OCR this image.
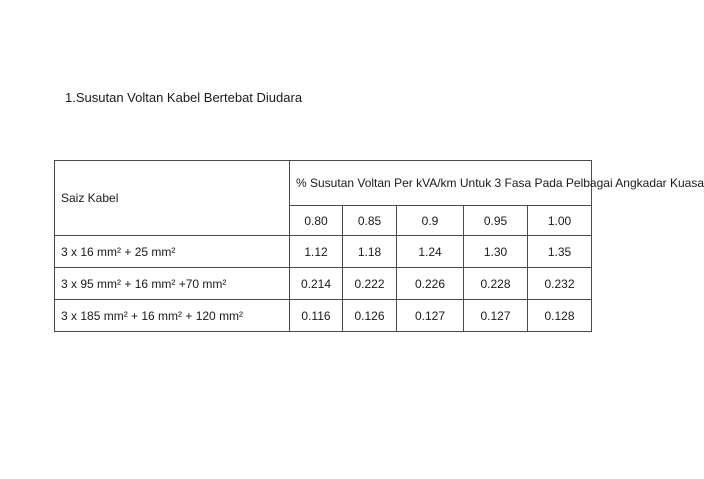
1.Susutan Voltan Kabel Bertebat Diudara
Saiz Kabel	% Susutan Voltan Per kVA/km Untuk 3 Fasa Pada Pelbagai Angkadar Kuasa				
	0.80	0.85	0.9	0.95	1.00
3 x 16 mm² + 25 mm²	1.12	1.18	1.24	1.30	1.35
3 x 95 mm² + 16 mm² +70 mm²	0.214	0.222	0.226	0.228	0.232
3 x 185 mm² + 16 mm² + 120 mm²	0.116	0.126	0.127	0.127	0.128
